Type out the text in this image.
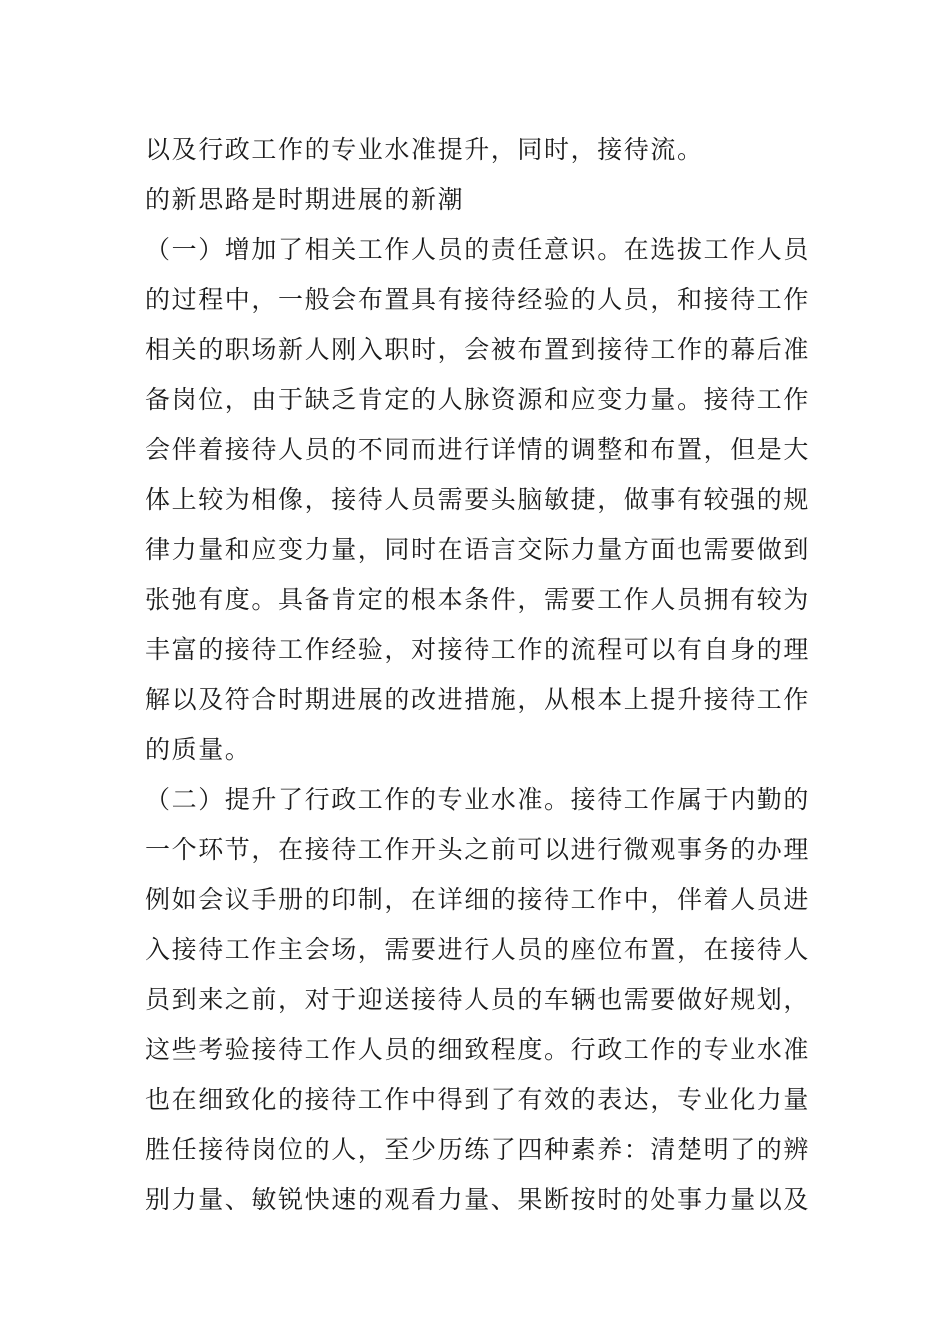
以及行政工作的专业水准提升，同时，接待流。
的新思路是时期进展的新潮
（一）增加了相关工作人员的责任意识。在选拔工作人员
的过程中，一般会布置具有接待经验的人员，和接待工作
相关的职场新人刚入职时，会被布置到接待工作的幕后准
备岗位，由于缺乏肯定的人脉资源和应变力量。接待工作
会伴着接待人员的不同而进行详情的调整和布置，但是大
体上较为相像，接待人员需要头脑敏捷，做事有较强的规
律力量和应变力量，同时在语言交际力量方面也需要做到
张弛有度。具备肯定的根本条件，需要工作人员拥有较为
丰富的接待工作经验，对接待工作的流程可以有自身的理
解以及符合时期进展的改进措施，从根本上提升接待工作
的质量。
（二）提升了行政工作的专业水准。接待工作属于内勤的
一个环节，在接待工作开头之前可以进行微观事务的办理
例如会议手册的印制，在详细的接待工作中，伴着人员进
入接待工作主会场，需要进行人员的座位布置，在接待人
员到来之前，对于迎送接待人员的车辆也需要做好规划，
这些考验接待工作人员的细致程度。行政工作的专业水准
也在细致化的接待工作中得到了有效的表达，专业化力量
胜任接待岗位的人，至少历练了四种素养：清楚明了的辨
别力量、敏锐快速的观看力量、果断按时的处事力量以及
